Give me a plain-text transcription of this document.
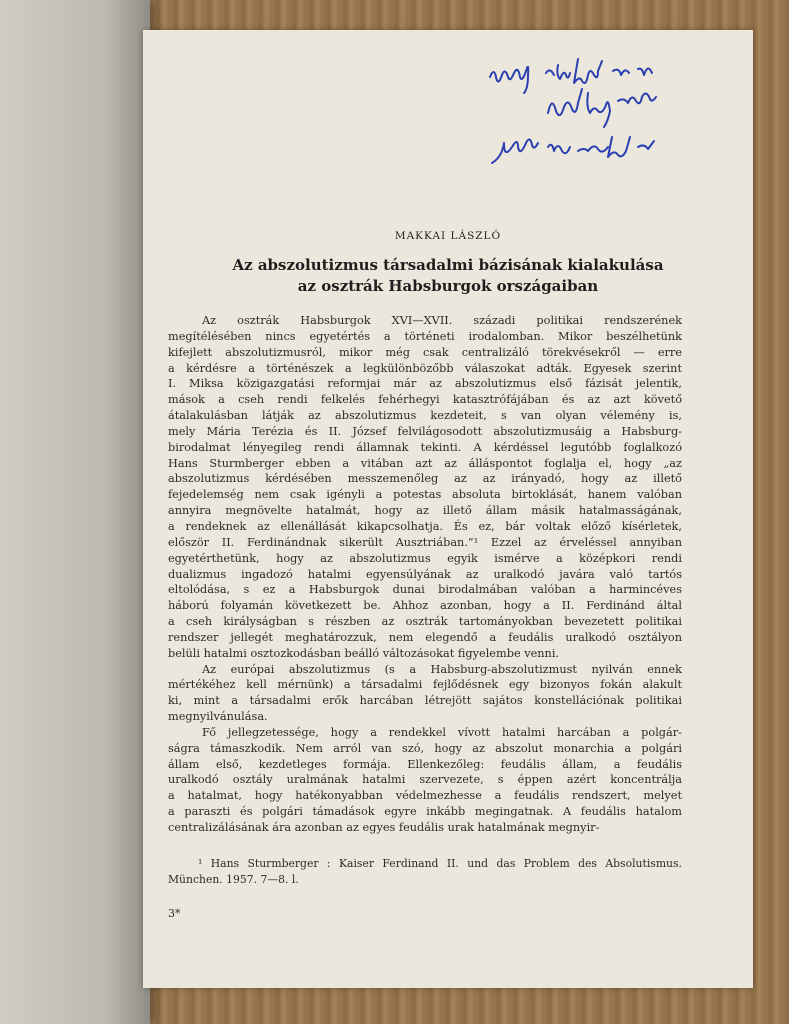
MAKKAI LÁSZLÓ
Az abszolutizmus társadalmi bázisának kialakulása
az osztrák Habsburgok országaiban

Az osztrák Habsburgok XVI—XVII. századi politikai rendszerének
megítélésében nincs egyetértés a történeti irodalomban. Mikor beszélhetünk
kifejlett abszolutizmusról, mikor még csak centralizáló törekvésekről — erre
a kérdésre a történészek a legkülönbözőbb válaszokat adták. Egyesek szerint
I. Miksa közigazgatási reformjai már az abszolutizmus első fázisát jelentik,
mások a cseh rendi felkelés fehérhegyi katasztrófájában és az azt követő
átalakulásban látják az abszolutizmus kezdeteit, s van olyan vélemény is,
mely Mária Terézia és II. József felvilágosodott abszolutizmusáig a Habsburg-
birodalmat lényegileg rendi államnak tekinti. A kérdéssel legutóbb foglalkozó
Hans Sturmberger ebben a vitában azt az álláspontot foglalja el, hogy „az
abszolutizmus kérdésében messzemenőleg az az irányadó, hogy az illető
fejedelemség nem csak igényli a potestas absoluta birtoklását, hanem valóban
annyira megnövelte hatalmát, hogy az illető állam másik hatalmasságának,
a rendeknek az ellenállását kikapcsolhatja. És ez, bár voltak előző kísérletek,
először II. Ferdinándnak sikerült Ausztriában.”¹ Ezzel az érveléssel annyiban
egyetérthetünk, hogy az abszolutizmus egyik ismérve a középkori rendi
dualizmus ingadozó hatalmi egyensúlyának az uralkodó javára való tartós
eltolódása, s ez a Habsburgok dunai birodalmában valóban a harmincéves
háború folyamán következett be. Ahhoz azonban, hogy a II. Ferdinánd által
a cseh királyságban s részben az osztrák tartományokban bevezetett politikai
rendszer jellegét meghatározzuk, nem elegendő a feudális uralkodó osztályon
belüli hatalmi osztozkodásban beálló változásokat figyelembe venni.

Az európai abszolutizmus (s a Habsburg-abszolutizmust nyilván ennek
mértékéhez kell mérnünk) a társadalmi fejlődésnek egy bizonyos fokán alakult
ki, mint a társadalmi erők harcában létrejött sajátos konstellációnak politikai
megnyilvánulása.

Fő jellegzetessége, hogy a rendekkel vívott hatalmi harcában a polgár-
ságra támaszkodik. Nem arról van szó, hogy az abszolut monarchia a polgári
állam első, kezdetleges formája. Ellenkezőleg: feudális állam, a feudális
uralkodó osztály uralmának hatalmi szervezete, s éppen azért koncentrálja
a hatalmat, hogy hatékonyabban védelmezhesse a feudális rendszert, melyet
a paraszti és polgári támadások egyre inkább megingatnak. A feudális hatalom
centralizálásának ára azonban az egyes feudális urak hatalmának megnyir-

¹ Hans Sturmberger : Kaiser Ferdinand II. und das Problem des Absolutismus.
München. 1957. 7—8. l.
3*
